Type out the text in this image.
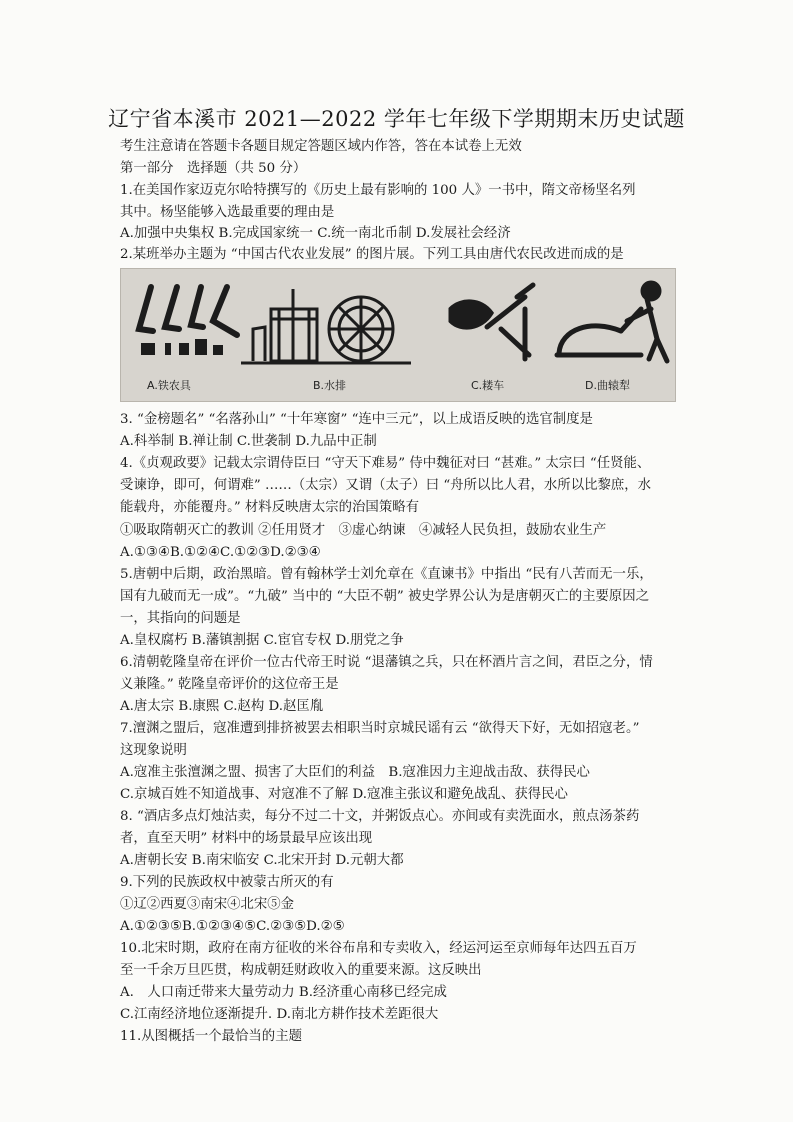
辽宁省本溪市 2021—2022 学年七年级下学期期末历史试题
考生注意请在答题卡各题目规定答题区域内作答，答在本试卷上无效
第一部分　选择题（共 50 分）
1.在美国作家迈克尔哈特撰写的《历史上最有影响的 100 人》一书中，隋文帝杨坚名列
其中。杨坚能够入选最重要的理由是
A.加强中央集权 B.完成国家统一 C.统一南北币制 D.发展社会经济
2.某班举办主题为 “中国古代农业发展” 的图片展。下列工具由唐代农民改进而成的是
A.铁农具	B.水排	C.耧车	D.曲辕犁
3. “金榜题名” “名落孙山” “十年寒窗” “连中三元”，以上成语反映的选官制度是
A.科举制 B.禅让制 C.世袭制 D.九品中正制
4.《贞观政要》记载太宗谓侍臣曰 “守天下难易” 侍中魏征对曰 “甚难。” 太宗曰 “任贤能、
受谏诤，即可，何谓难” ……（太宗）又谓（太子）曰 “舟所以比人君，水所以比黎庶，水
能载舟，亦能覆舟。” 材料反映唐太宗的治国策略有
①吸取隋朝灭亡的教训 ②任用贤才　③虚心纳谏　④减轻人民负担，鼓励农业生产
A.①③④B.①②④C.①②③D.②③④
5.唐朝中后期，政治黑暗。曾有翰林学士刘允章在《直谏书》中指出 “民有八苦而无一乐，
国有九破而无一成”。“九破” 当中的 “大臣不朝” 被史学界公认为是唐朝灭亡的主要原因之
一，其指向的问题是
A.皇权腐朽 B.藩镇割据 C.宦官专权 D.朋党之争
6.清朝乾隆皇帝在评价一位古代帝王时说 “退藩镇之兵，只在杯酒片言之间，君臣之分，情
义兼隆。” 乾隆皇帝评价的这位帝王是
A.唐太宗 B.康熙 C.赵构 D.赵匡胤
7.澶渊之盟后，寇准遭到排挤被罢去相职当时京城民谣有云 “欲得天下好，无如招寇老。”
这现象说明
A.寇准主张澶渊之盟、损害了大臣们的利益　B.寇准因力主迎战击敌、获得民心
C.京城百姓不知道战事、对寇准不了解 D.寇准主张议和避免战乱、获得民心
8. “酒店多点灯烛沽卖，每分不过二十文，并粥饭点心。亦间或有卖洗面水，煎点汤茶药
者，直至天明” 材料中的场景最早应该出现
A.唐朝长安 B.南宋临安 C.北宋开封 D.元朝大都
9.下列的民族政权中被蒙古所灭的有
①辽②西夏③南宋④北宋⑤金
A.①②③⑤B.①②③④⑤C.②③⑤D.②⑤
10.北宋时期，政府在南方征收的米谷布帛和专卖收入，经运河运至京师每年达四五百万
至一千余万旦匹贯，构成朝廷财政收入的重要来源。这反映出
A.　人口南迁带来大量劳动力 B.经济重心南移已经完成
C.江南经济地位逐渐提升. D.南北方耕作技术差距很大
11.从图概括一个最恰当的主题
